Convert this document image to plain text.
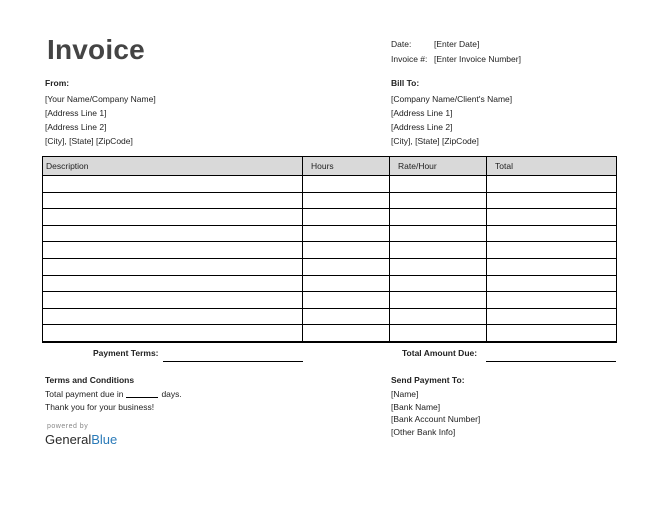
Invoice	Date:	[Enter Date]
Invoice #: [Enter Invoice Number]
From:
[Your Name/Company Name]
[Address Line 1]
[Address Line 2]
[City], [State] [ZipCode]
Bill To:
[Company Name/Client's Name]
[Address Line 1]
[Address Line 2]
[City], [State] [ZipCode]
Description	Hours	Rate/Hour	Total

Payment Terms:	Total Amount Due:
Terms and Conditions
Total payment due in	days.
Thank you for your business!
Send Payment To:
[Name]
[Bank Name]
[Bank Account Number]
[Other Bank Info]
powered by
GeneralBlue
